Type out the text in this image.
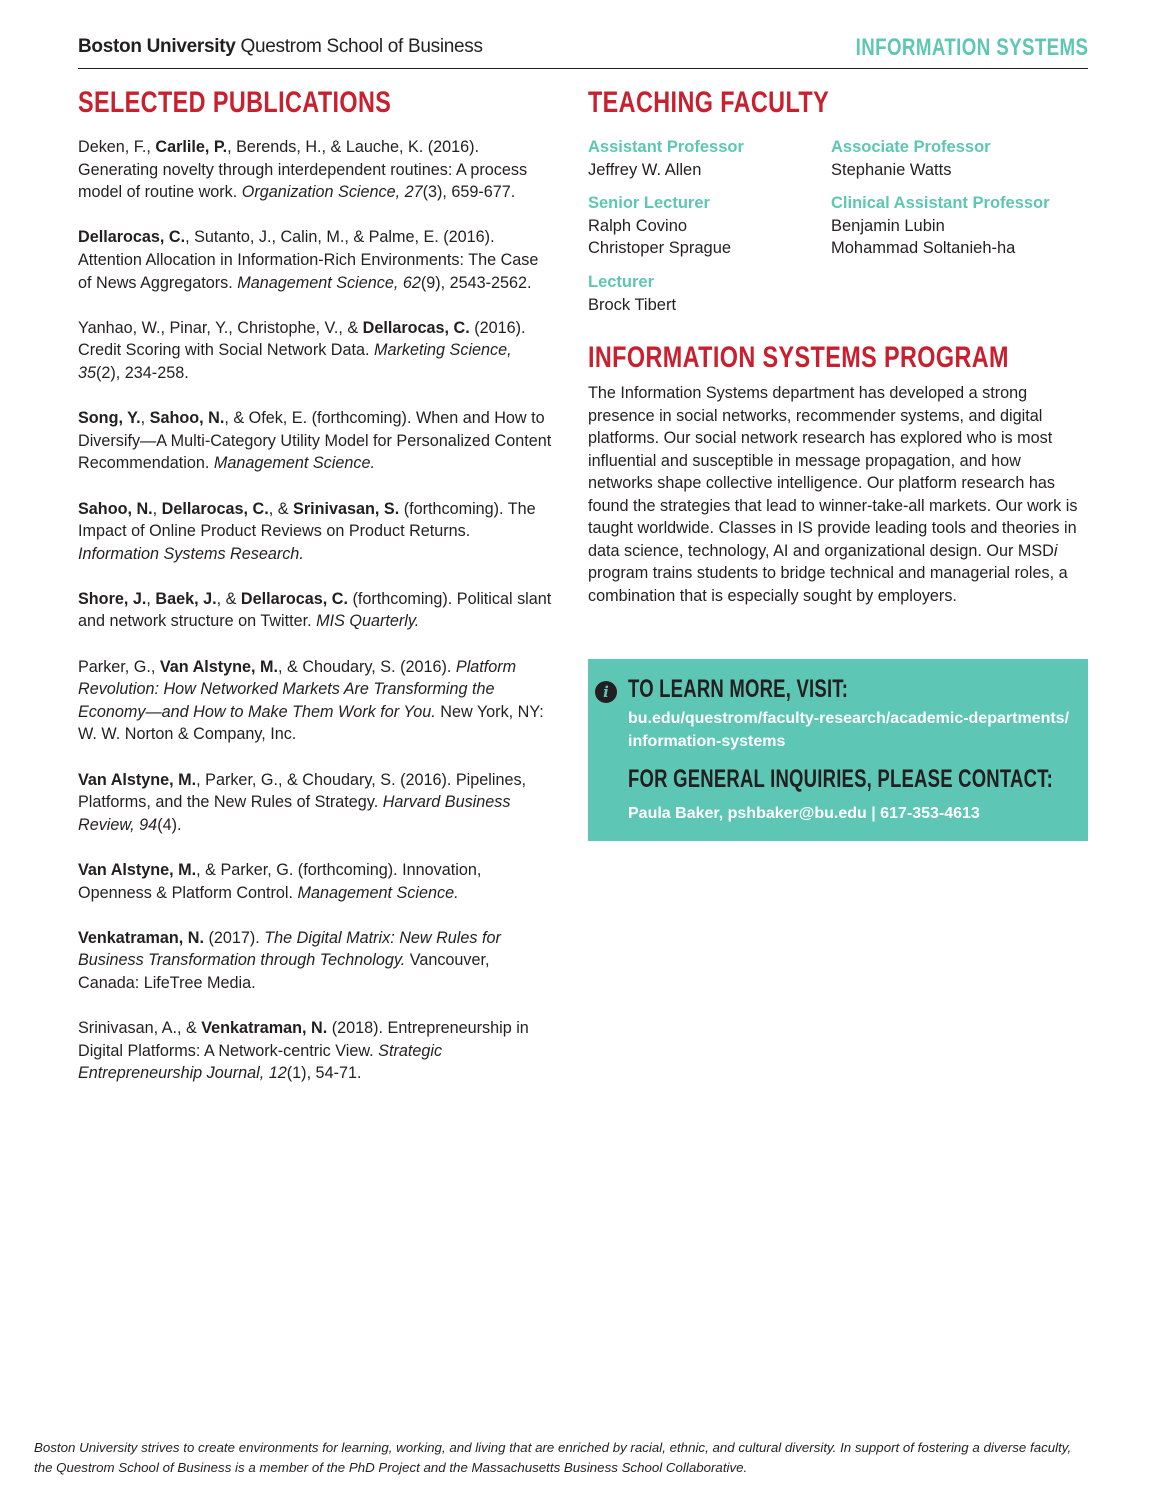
Boston University Questrom School of Business	INFORMATION SYSTEMS
SELECTED PUBLICATIONS
Deken, F., Carlile, P., Berends, H., & Lauche, K. (2016). Generating novelty through interdependent routines: A process model of routine work. Organization Science, 27(3), 659-677.
Dellarocas, C., Sutanto, J., Calin, M., & Palme, E. (2016). Attention Allocation in Information-Rich Environments: The Case of News Aggregators. Management Science, 62(9), 2543-2562.
Yanhao, W., Pinar, Y., Christophe, V., & Dellarocas, C. (2016). Credit Scoring with Social Network Data. Marketing Science, 35(2), 234-258.
Song, Y., Sahoo, N., & Ofek, E. (forthcoming). When and How to Diversify—A Multi-Category Utility Model for Personalized Content Recommendation. Management Science.
Sahoo, N., Dellarocas, C., & Srinivasan, S. (forthcoming). The Impact of Online Product Reviews on Product Returns. Information Systems Research.
Shore, J., Baek, J., & Dellarocas, C. (forthcoming). Political slant and network structure on Twitter. MIS Quarterly.
Parker, G., Van Alstyne, M., & Choudary, S. (2016). Platform Revolution: How Networked Markets Are Transforming the Economy—and How to Make Them Work for You. New York, NY: W. W. Norton & Company, Inc.
Van Alstyne, M., Parker, G., & Choudary, S. (2016). Pipelines, Platforms, and the New Rules of Strategy. Harvard Business Review, 94(4).
Van Alstyne, M., & Parker, G. (forthcoming). Innovation, Openness & Platform Control. Management Science.
Venkatraman, N. (2017). The Digital Matrix: New Rules for Business Transformation through Technology. Vancouver, Canada: LifeTree Media.
Srinivasan, A., & Venkatraman, N. (2018). Entrepreneurship in Digital Platforms: A Network-centric View. Strategic Entrepreneurship Journal, 12(1), 54-71.
TEACHING FACULTY
Assistant Professor
Jeffrey W. Allen
Associate Professor
Stephanie Watts
Senior Lecturer
Ralph Covino
Christoper Sprague
Clinical Assistant Professor
Benjamin Lubin
Mohammad Soltanieh-ha
Lecturer
Brock Tibert
INFORMATION SYSTEMS PROGRAM
The Information Systems department has developed a strong presence in social networks, recommender systems, and digital platforms. Our social network research has explored who is most influential and susceptible in message propagation, and how networks shape collective intelligence. Our platform research has found the strategies that lead to winner-take-all markets. Our work is taught worldwide. Classes in IS provide leading tools and theories in data science, technology, AI and organizational design. Our MSDi program trains students to bridge technical and managerial roles, a combination that is especially sought by employers.
i TO LEARN MORE, VISIT:
bu.edu/questrom/faculty-research/academic-departments/
information-systems
FOR GENERAL INQUIRIES, PLEASE CONTACT:
Paula Baker, pshbaker@bu.edu | 617-353-4613
Boston University strives to create environments for learning, working, and living that are enriched by racial, ethnic, and cultural diversity. In support of fostering a diverse faculty,
the Questrom School of Business is a member of the PhD Project and the Massachusetts Business School Collaborative.
